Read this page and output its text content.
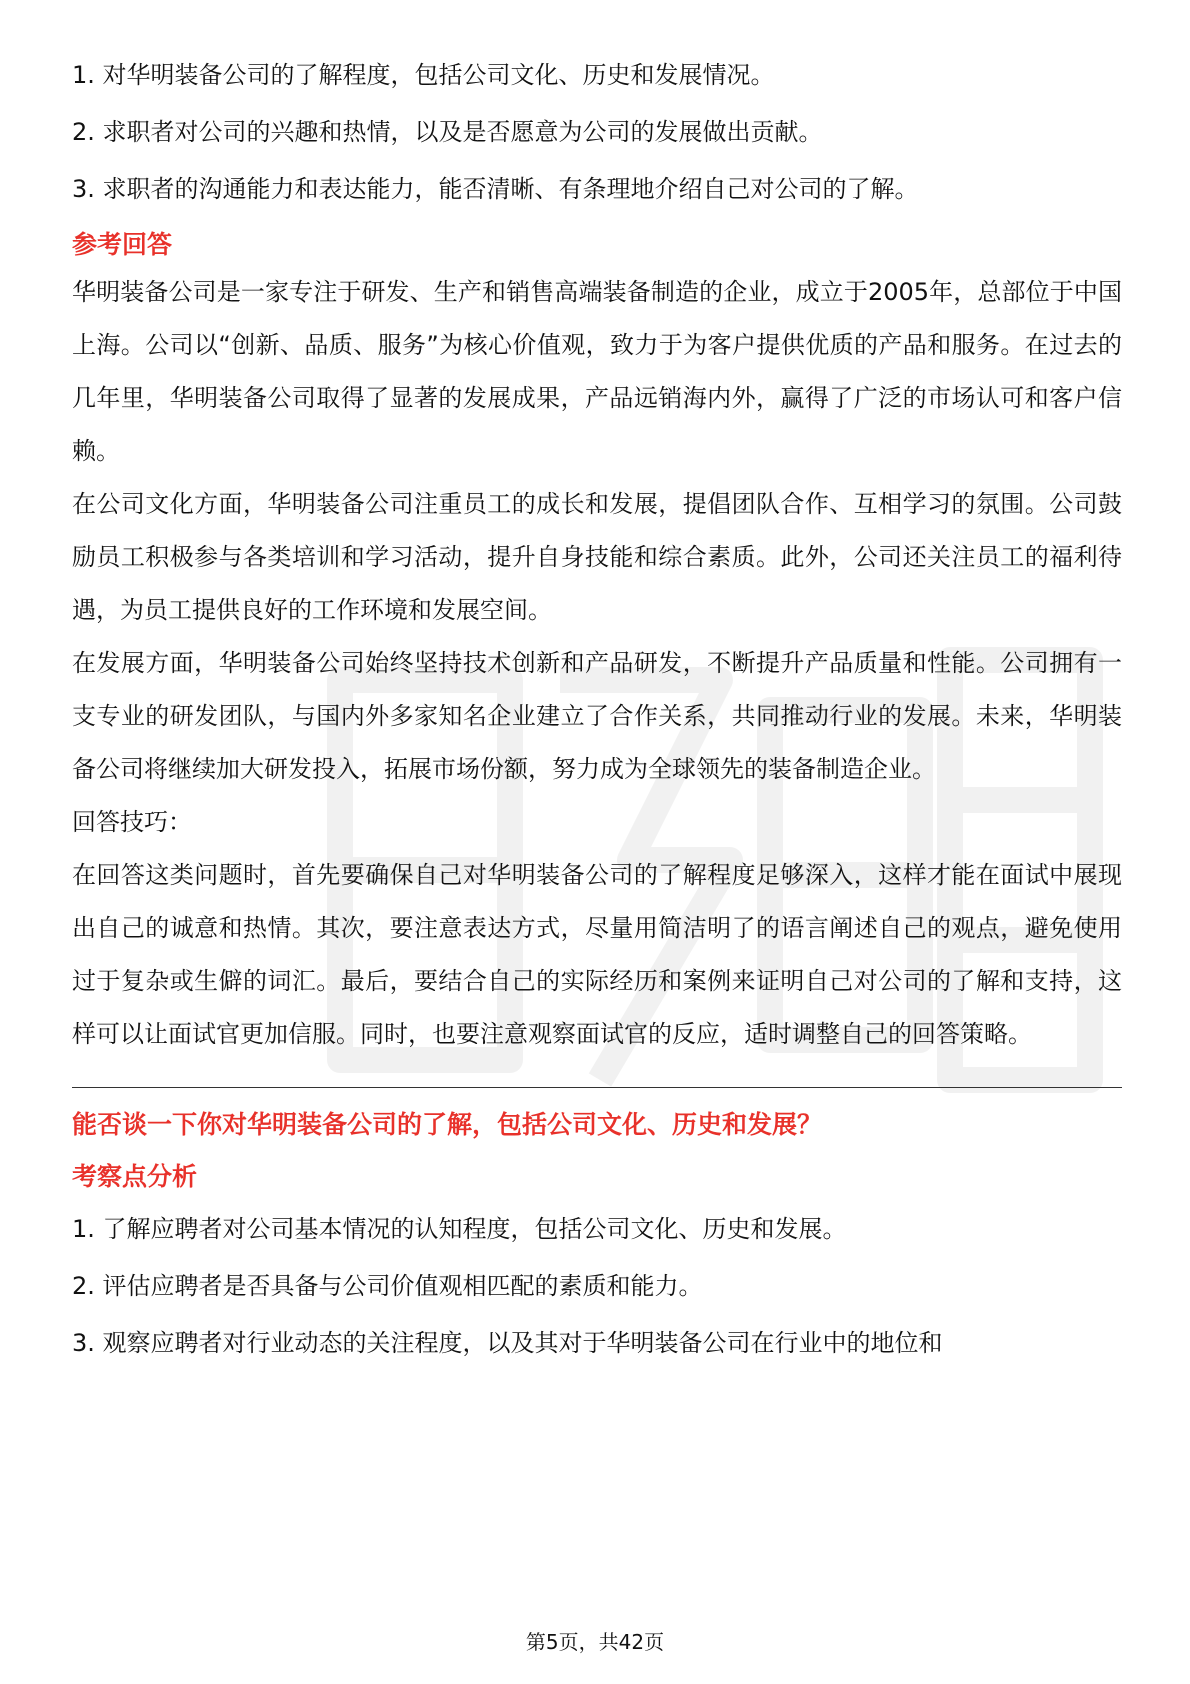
1. 对华明装备公司的了解程度，包括公司文化、历史和发展情况。
2. 求职者对公司的兴趣和热情，以及是否愿意为公司的发展做出贡献。
3. 求职者的沟通能力和表达能力，能否清晰、有条理地介绍自己对公司的了解。
参考回答

华明装备公司是一家专注于研发、生产和销售高端装备制造的企业，成立于2005年，总部位于中国上海。公司以“创新、品质、服务”为核心价值观，致力于为客户提供优质的产品和服务。在过去的几年里，华明装备公司取得了显著的发展成果，产品远销海内外，赢得了广泛的市场认可和客户信赖。

在公司文化方面，华明装备公司注重员工的成长和发展，提倡团队合作、互相学习的氛围。公司鼓励员工积极参与各类培训和学习活动，提升自身技能和综合素质。此外，公司还关注员工的福利待遇，为员工提供良好的工作环境和发展空间。

在发展方面，华明装备公司始终坚持技术创新和产品研发，不断提升产品质量和性能。公司拥有一支专业的研发团队，与国内外多家知名企业建立了合作关系，共同推动行业的发展。未来，华明装备公司将继续加大研发投入，拓展市场份额，努力成为全球领先的装备制造企业。

回答技巧：

在回答这类问题时，首先要确保自己对华明装备公司的了解程度足够深入，这样才能在面试中展现出自己的诚意和热情。其次，要注意表达方式，尽量用简洁明了的语言阐述自己的观点，避免使用过于复杂或生僻的词汇。最后，要结合自己的实际经历和案例来证明自己对公司的了解和支持，这样可以让面试官更加信服。同时，也要注意观察面试官的反应，适时调整自己的回答策略。

能否谈一下你对华明装备公司的了解，包括公司文化、历史和发展？
考察点分析
1. 了解应聘者对公司基本情况的认知程度，包括公司文化、历史和发展。
2. 评估应聘者是否具备与公司价值观相匹配的素质和能力。
3. 观察应聘者对行业动态的关注程度，以及其对于华明装备公司在行业中的地位和
第5页，共42页
